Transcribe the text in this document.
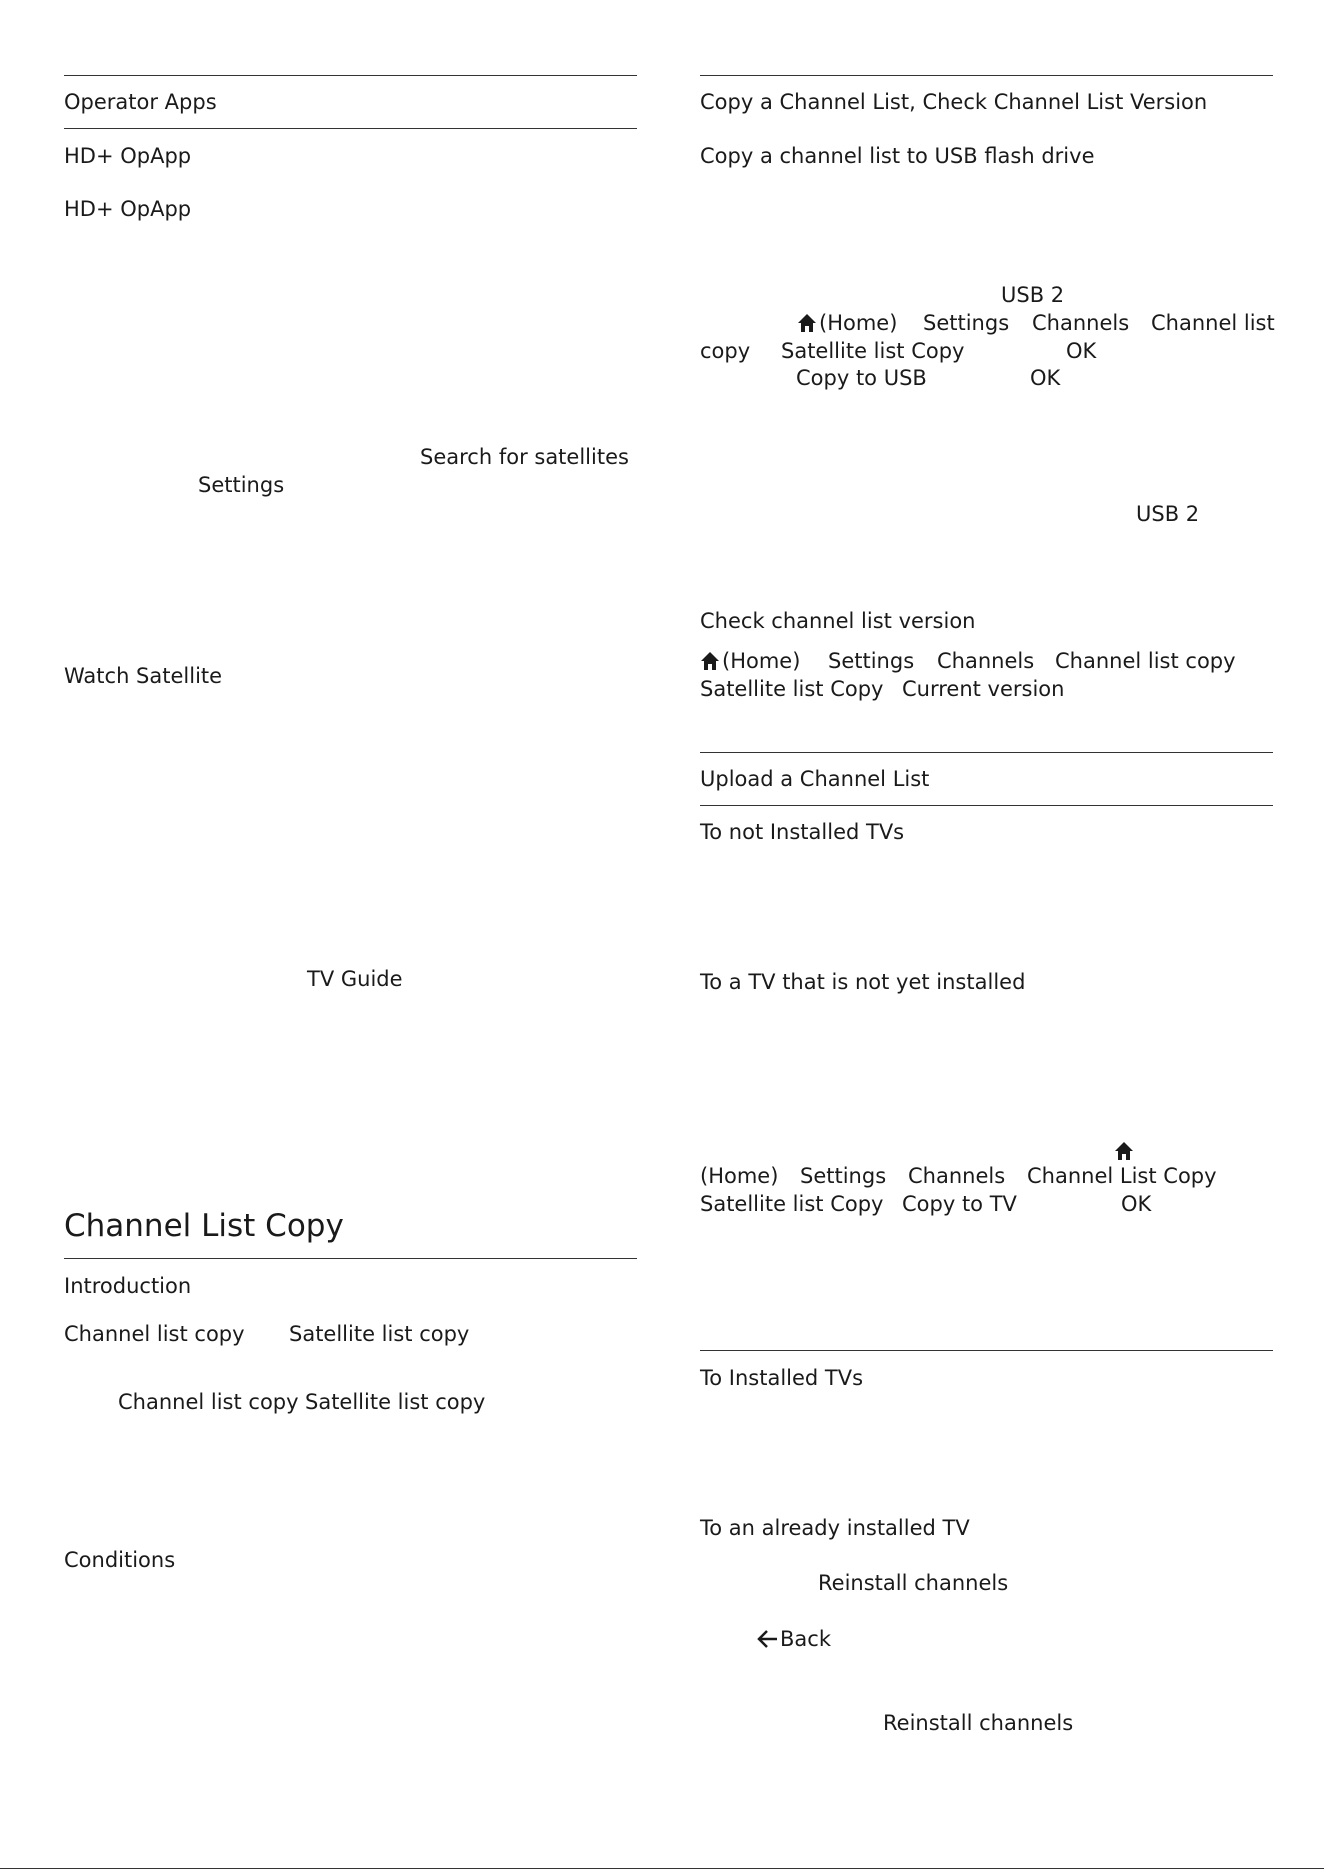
Operator Apps
HD+ OpApp
HD+ OpApp
Search for satellites
Settings
Watch Satellite
TV Guide
Channel List Copy
Introduction
Channel list copy Satellite list copy
Channel list copy Satellite list copy
Conditions
Copy a Channel List, Check Channel List Version
Copy a channel list to USB flash drive
USB 2
(Home) Settings Channels Channel list
copy Satellite list Copy	OK
Copy to USB	OK
USB 2
Check channel list version
(Home) Settings Channels Channel list copy
Satellite list Copy Current version
Upload a Channel List
To not Installed TVs
To a TV that is not yet installed
(Home) Settings Channels Channel List Copy
Satellite list Copy Copy to TV	OK
To Installed TVs
To an already installed TV
Reinstall channels
Back
Reinstall channels
